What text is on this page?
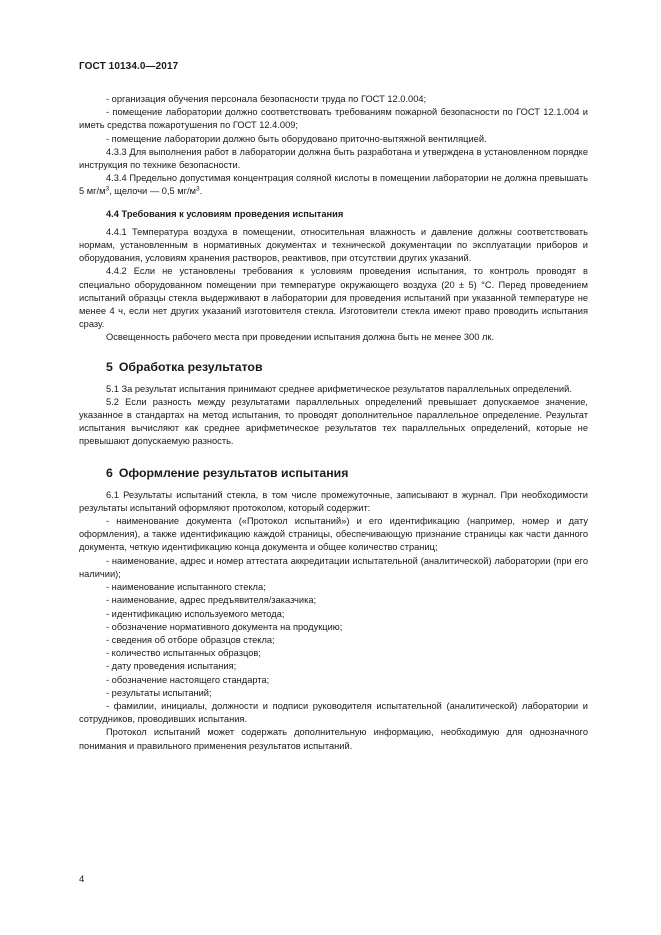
ГОСТ 10134.0—2017

- организация обучения персонала безопасности труда по ГОСТ 12.0.004;

- помещение лаборатории должно соответствовать требованиям пожарной безопасности по ГОСТ 12.1.004 и иметь средства пожаротушения по ГОСТ 12.4.009;

- помещение лаборатории должно быть оборудовано приточно-вытяжной вентиляцией.

4.3.3 Для выполнения работ в лаборатории должна быть разработана и утверждена в установленном порядке инструкция по технике безопасности.

4.3.4 Предельно допустимая концентрация соляной кислоты в помещении лаборатории не должна превышать 5 $мг/м^3$, щелочи — 0,5 $мг/м^3$.

4.4 Требования к условиям проведения испытания

4.4.1 Температура воздуха в помещении, относительная влажность и давление должны соответствовать нормам, установленным в нормативных документах и технической документации по эксплуатации приборов и оборудования, условиям хранения растворов, реактивов, при отсутствии других указаний.

4.4.2 Если не установлены требования к условиям проведения испытания, то контроль проводят в специально оборудованном помещении при температуре окружающего воздуха (20 ± 5) °С. Перед проведением испытаний образцы стекла выдерживают в лаборатории для проведения испытаний при указанной температуре не менее 4 ч, если нет других указаний изготовителя стекла. Изготовители стекла имеют право проводить испытания сразу.

Освещенность рабочего места при проведении испытания должна быть не менее 300 лк.

5 Обработка результатов

5.1 За результат испытания принимают среднее арифметическое результатов параллельных определений.

5.2 Если разность между результатами параллельных определений превышает допускаемое значение, указанное в стандартах на метод испытания, то проводят дополнительное параллельное определение. Результат испытания вычисляют как среднее арифметическое результатов тех параллельных определений, которые не превышают допускаемую разность.

6 Оформление результатов испытания

6.1 Результаты испытаний стекла, в том числе промежуточные, записывают в журнал. При необходимости результаты испытаний оформляют протоколом, который содержит:

- наименование документа («Протокол испытаний») и его идентификацию (например, номер и дату оформления), а также идентификацию каждой страницы, обеспечивающую признание страницы как части данного документа, четкую идентификацию конца документа и общее количество страниц;

- наименование, адрес и номер аттестата аккредитации испытательной (аналитической) лаборатории (при его наличии);

- наименование испытанного стекла;

- наименование, адрес предъявителя/заказчика;

- идентификацию используемого метода;

- обозначение нормативного документа на продукцию;

- сведения об отборе образцов стекла;

- количество испытанных образцов;

- дату проведения испытания;

- обозначение настоящего стандарта;

- результаты испытаний;

- фамилии, инициалы, должности и подписи руководителя испытательной (аналитической) лаборатории и сотрудников, проводивших испытания.

Протокол испытаний может содержать дополнительную информацию, необходимую для однозначного понимания и правильного применения результатов испытаний.

4
